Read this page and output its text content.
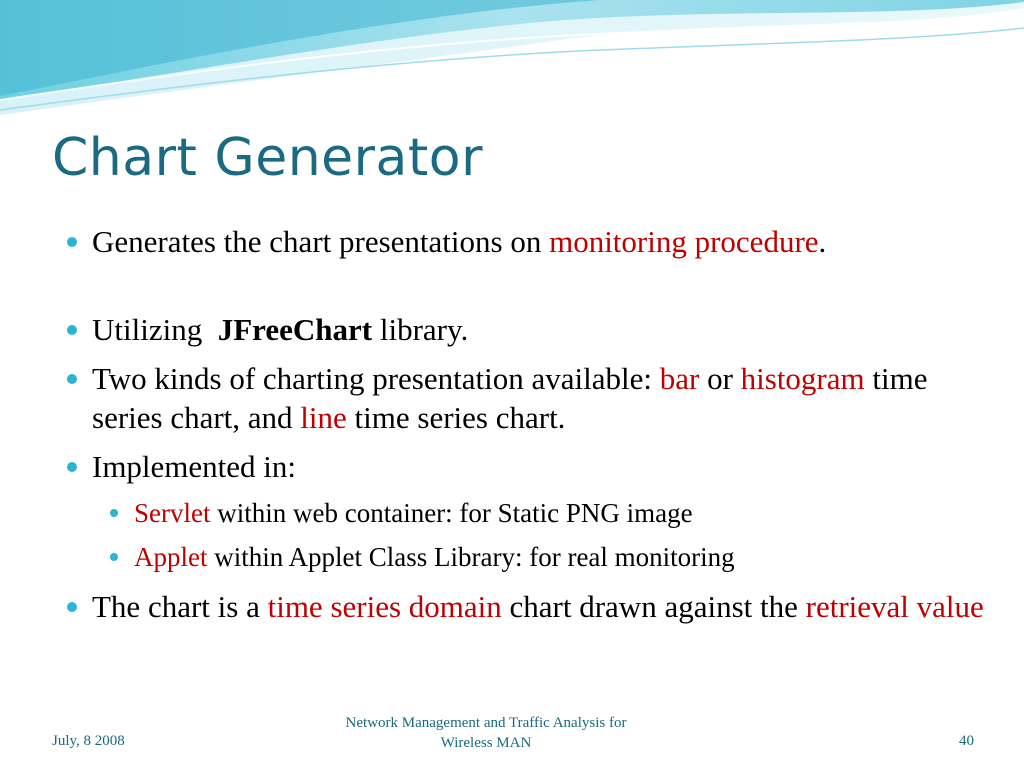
Chart Generator
Generates the chart presentations on monitoring procedure.
Utilizing  JFreeChart library.
Two kinds of charting presentation available: bar or histogram time series chart, and line time series chart.
Implemented in:
Servlet within web container: for Static PNG image
Applet within Applet Class Library: for real monitoring
The chart is a time series domain chart drawn against the retrieval value
July, 8 2008
Network Management and Traffic Analysis for
Wireless MAN	40
